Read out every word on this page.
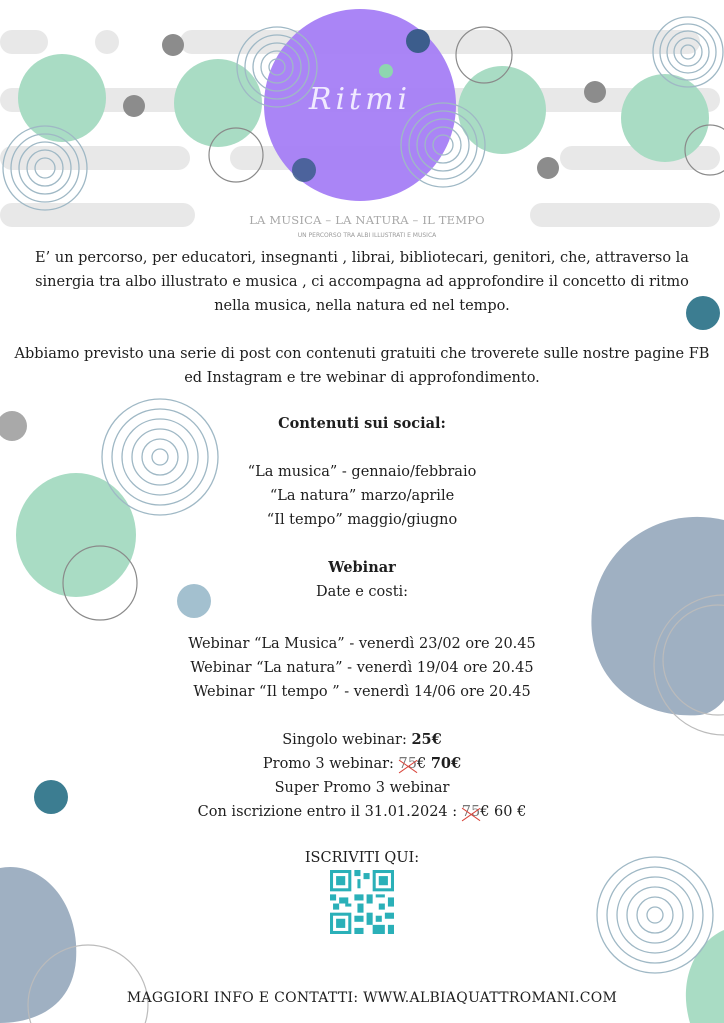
Ritmi
LA MUSICA – LA NATURA – IL TEMPO
UN PERCORSO TRA ALBI ILLUSTRATI E MUSICA
E’ un percorso, per educatori, insegnanti , librai, bibliotecari, genitori, che, attraverso la
sinergia tra albo illustrato e musica , ci accompagna ad approfondire il concetto di ritmo
nella musica, nella natura ed nel tempo.
Abbiamo previsto una serie di post con contenuti gratuiti che troverete sulle nostre pagine FB
ed Instagram e tre webinar di approfondimento.
Contenuti sui social:
“La musica” - gennaio/febbraio
“La natura” marzo/aprile
“Il tempo” maggio/giugno
Webinar
Date e costi:
Webinar “La Musica” - venerdì 23/02 ore 20.45
Webinar “La natura” - venerdì 19/04 ore 20.45
Webinar “Il tempo ” - venerdì 14/06 ore 20.45
Singolo webinar: 25€
Promo 3 webinar: 75€ 70€
Super Promo 3 webinar
Con iscrizione entro il 31.01.2024 : 75€ 60 €
ISCRIVITI QUI:
MAGGIORI INFO E CONTATTI: WWW.ALBIAQUATTROMANI.COM
